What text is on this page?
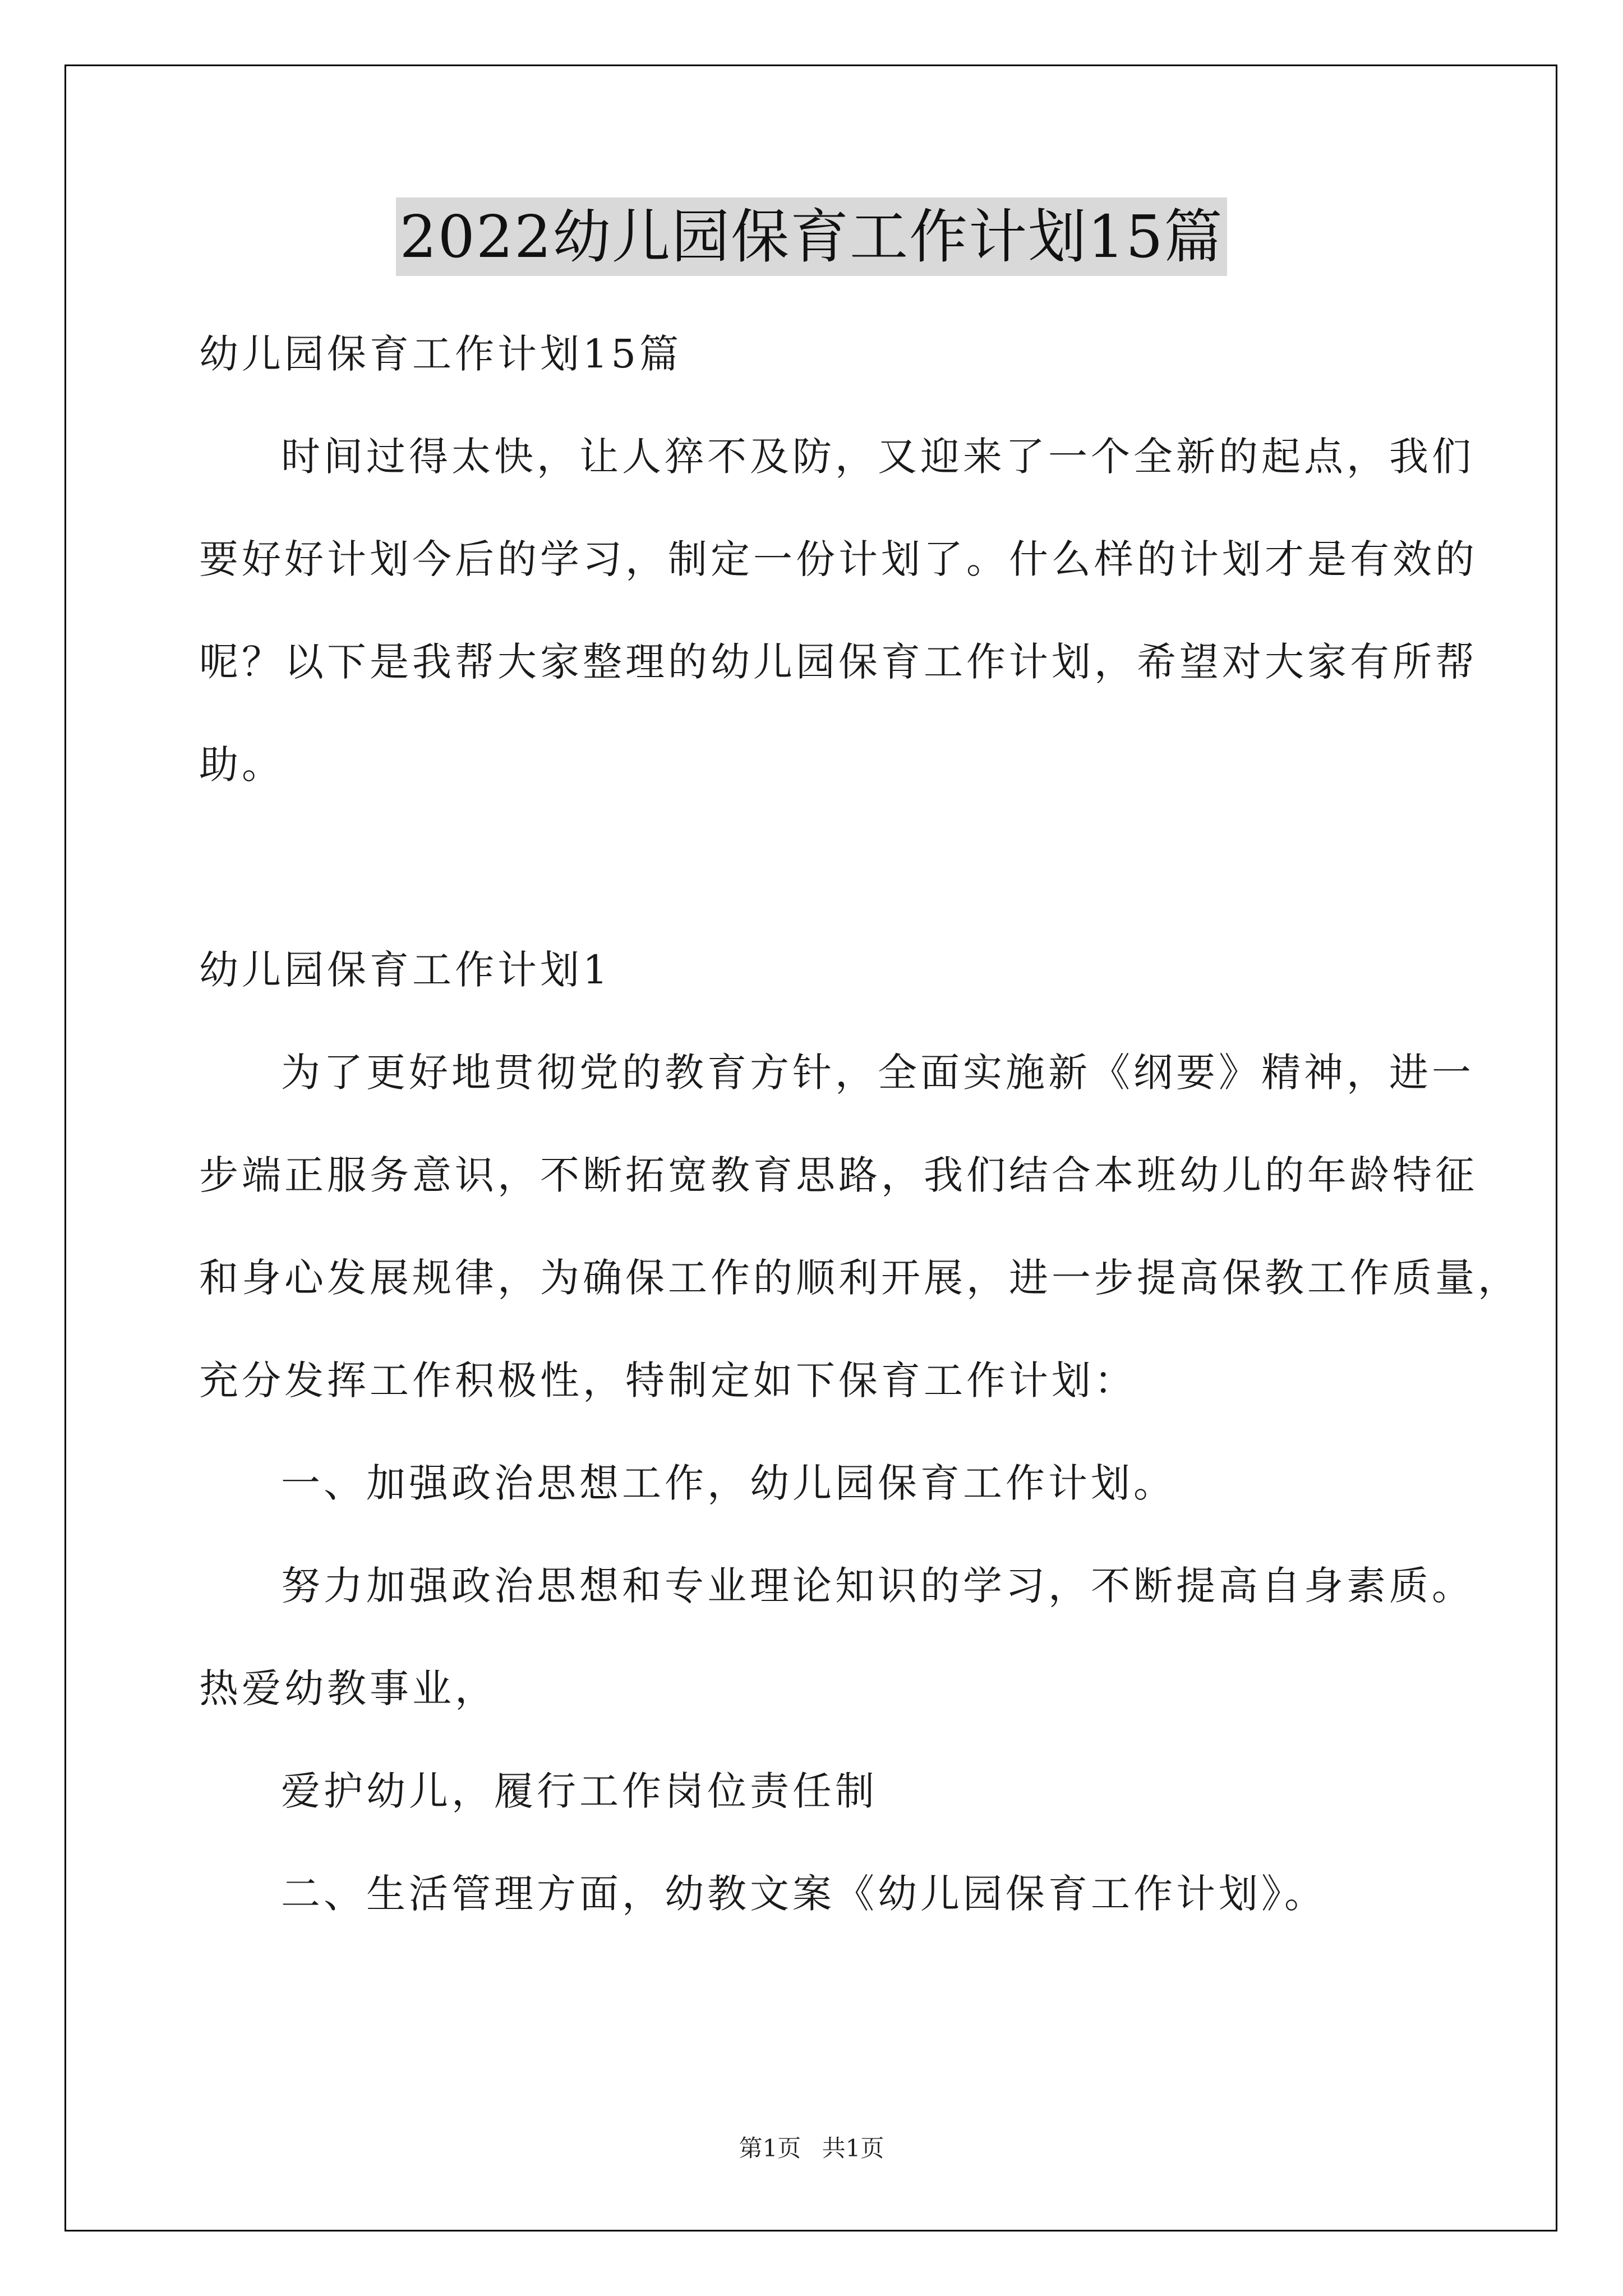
2022幼儿园保育工作计划15篇
幼儿园保育工作计划15篇
时间过得太快，让人猝不及防，又迎来了一个全新的起点，我们
要好好计划今后的学习，制定一份计划了。什么样的计划才是有效的
呢？以下是我帮大家整理的幼儿园保育工作计划，希望对大家有所帮
助。
幼儿园保育工作计划1
为了更好地贯彻党的教育方针，全面实施新《纲要》精神，进一
步端正服务意识，不断拓宽教育思路，我们结合本班幼儿的年龄特征
和身心发展规律，为确保工作的顺利开展，进一步提高保教工作质量，
充分发挥工作积极性，特制定如下保育工作计划：
一、加强政治思想工作，幼儿园保育工作计划。
努力加强政治思想和专业理论知识的学习，不断提高自身素质。
热爱幼教事业，
爱护幼儿，履行工作岗位责任制
二、生活管理方面，幼教文案《幼儿园保育工作计划》。
第1页 共1页
